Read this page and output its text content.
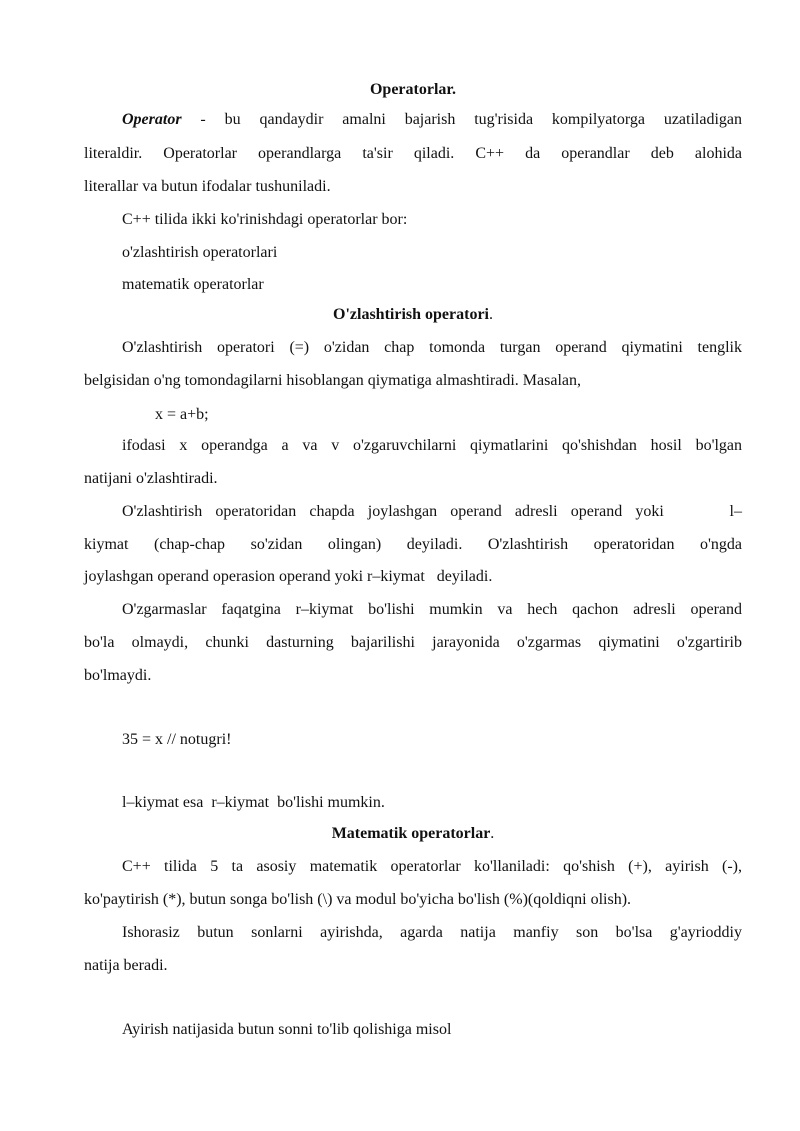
Operatorlar.
Operator - bu qandaydir amalni bajarish tug'risida kompilyatorga uzatiladigan
literaldir. Operatorlar operandlarga ta'sir qiladi. C++ da operandlar deb alohida
literallar va butun ifodalar tushuniladi.
C++ tilida ikki ko'rinishdagi operatorlar bor:
o'zlashtirish operatorlari
matematik operatorlar
O'zlashtirish operatori.
O'zlashtirish operatori (=) o'zidan chap tomonda turgan operand qiymatini tenglik
belgisidan o'ng tomondagilarni hisoblangan qiymatiga almashtiradi. Masalan,
x = a+b;
ifodasi x operandga a va v o'zgaruvchilarni qiymatlarini qo'shishdan hosil bo'lgan
natijani o'zlashtiradi.
O'zlashtirish operatoridan chapda joylashgan operand adresli operand yoki     l–
kiymat (chap-chap so'zidan olingan) deyiladi. O'zlashtirish operatoridan o'ngda
joylashgan operand operasion operand yoki r–kiymat   deyiladi.
O'zgarmaslar faqatgina r–kiymat bo'lishi mumkin va hech qachon adresli operand
bo'la olmaydi, chunki dasturning bajarilishi jarayonida o'zgarmas qiymatini o'zgartirib
bo'lmaydi.
35 = x // notugri!
l–kiymat esa  r–kiymat  bo'lishi mumkin.
Matematik operatorlar.
C++ tilida 5 ta asosiy matematik operatorlar ko'llaniladi: qo'shish (+), ayirish (-),
ko'paytirish (*), butun songa bo'lish (\) va modul bo'yicha bo'lish (%)(qoldiqni olish).
Ishorasiz butun sonlarni ayirishda, agarda natija manfiy son bo'lsa g'ayrioddiy
natija beradi.
Ayirish natijasida butun sonni to'lib qolishiga misol
